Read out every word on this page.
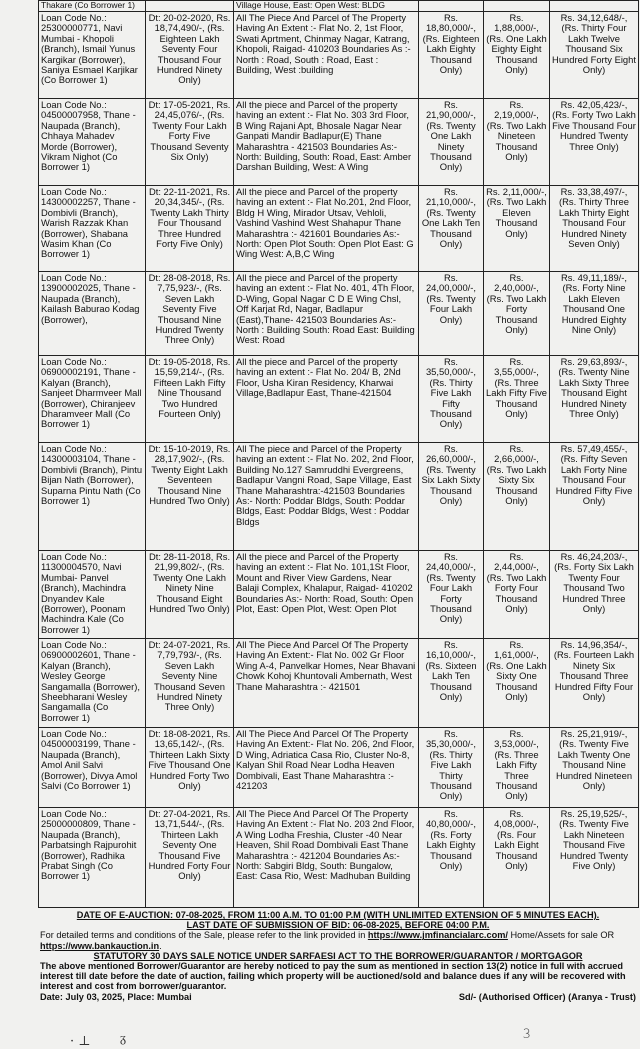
Thakare (Co Borrower 1)		Village House, East: Open West: BLDG			
Loan Code No.: 25300000771, Navi Mumbai - Khopoli (Branch), Ismail Yunus Kargikar (Borrower), Saniya Esmael Karjikar (Co Borrower 1)	Dt: 20-02-2020, Rs. 18,74,490/-, (Rs. Eighteen Lakh Seventy Four Thousand Four Hundred Ninety Only)	All The Piece And Parcel of The Property Having An Extent :- Flat No. 2, 1st Floor, Swati Aprtment, Chinmay Nagar, Katrang, Khopoli, Raigad- 410203 Boundaries As :- North : Road, South : Road, East : Building, West :building	Rs. 18,80,000/-, (Rs. Eighteen Lakh Eighty Thousand Only)	Rs. 1,88,000/-, (Rs. One Lakh Eighty Eight Thousand Only)	Rs. 34,12,648/-, (Rs. Thirty Four Lakh Twelve Thousand Six Hundred Forty Eight Only)
Loan Code No.: 04500007958, Thane - Naupada (Branch), Chhaya Mahadev Morde (Borrower), Vikram Nighot (Co Borrower 1)	Dt: 17-05-2021, Rs. 24,45,076/-, (Rs. Twenty Four Lakh Forty Five Thousand Seventy Six Only)	All the piece and Parcel of the property having an extent :- Flat No. 303 3rd Floor, B Wing Rajani Apt, Bhosale Nagar Near Ganpati Mandir Badlapur(E) Thane Maharashtra - 421503 Boundaries As:- North: Building, South: Road, East: Amber Darshan Building, West: A Wing	Rs. 21,90,000/-, (Rs. Twenty One Lakh Ninety Thousand Only)	Rs. 2,19,000/-, (Rs. Two Lakh Nineteen Thousand Only)	Rs. 42,05,423/-, (Rs. Forty Two Lakh Five Thousand Four Hundred Twenty Three Only)
Loan Code No.: 14300002257, Thane - Dombivli (Branch), Warish Razzak Khan (Borrower), Shabana Wasim Khan (Co Borrower 1)	Dt: 22-11-2021, Rs. 20,34,345/-, (Rs. Twenty Lakh Thirty Four Thousand Three Hundred Forty Five Only)	All the piece and Parcel of the property having an extent :- Flat No.201, 2nd Floor, Bldg H Wing, Mirador Utsav, Vehloli, Vashind Vashind West Shahapur Thane Maharashtra :- 421601 Boundaries As:- North: Open Plot South: Open Plot East: G Wing West: A,B,C Wing	Rs. 21,10,000/-, (Rs. Twenty One Lakh Ten Thousand Only)	Rs. 2,11,000/-, (Rs. Two Lakh Eleven Thousand Only)	Rs. 33,38,497/-, (Rs. Thirty Three Lakh Thirty Eight Thousand Four Hundred Ninety Seven Only)
Loan Code No.: 13900002025, Thane - Naupada (Branch), Kailash Baburao Kodag (Borrower),	Dt: 28-08-2018, Rs. 7,75,923/-, (Rs. Seven Lakh Seventy Five Thousand Nine Hundred Twenty Three Only)	All the piece and Parcel of the property having an extent :- Flat No. 401, 4Th Floor, D-Wing, Gopal Nagar C D E Wing Chsl, Off Karjat Rd, Nagar, Badlapur (East),Thane- 421503 Boundaries As:- North : Building South: Road East: Building West: Road	Rs. 24,00,000/-, (Rs. Twenty Four Lakh Only)	Rs. 2,40,000/-, (Rs. Two Lakh Forty Thousand Only)	Rs. 49,11,189/-, (Rs. Forty Nine Lakh Eleven Thousand One Hundred Eighty Nine Only)
Loan Code No.: 06900002191, Thane - Kalyan (Branch), Sanjeet Dharmveer Mall (Borrower), Chiranjeev Dharamveer Mall (Co Borrower 1)	Dt: 19-05-2018, Rs. 15,59,214/-, (Rs. Fifteen Lakh Fifty Nine Thousand Two Hundred Fourteen Only)	All the piece and Parcel of the property having an extent :- Flat No. 204/ B, 2Nd Floor, Usha Kiran Residency, Kharwai Village,Badlapur East, Thane-421504	Rs. 35,50,000/-, (Rs. Thirty Five Lakh Fifty Thousand Only)	Rs. 3,55,000/-, (Rs. Three Lakh Fifty Five Thousand Only)	Rs. 29,63,893/-, (Rs. Twenty Nine Lakh Sixty Three Thousand Eight Hundred Ninety Three Only)
Loan Code No.: 14300003104, Thane - Dombivli (Branch), Pintu Bijan Nath (Borrower), Suparna Pintu Nath (Co Borrower 1)	Dt: 15-10-2019, Rs. 28,17,902/-, (Rs. Twenty Eight Lakh Seventeen Thousand Nine Hundred Two Only)	All The piece and Parcel of the Property having an extent :- Flat No. 202, 2nd Floor, Building No.127 Samruddhi Evergreens, Badlapur Vangni Road, Sape Village, East Thane Maharashtra:-421503 Boundaries As:- North: Poddar Bldgs, South: Poddar Bldgs, East: Poddar Bldgs, West : Poddar Bldgs	Rs. 26,60,000/-, (Rs. Twenty Six Lakh Sixty Thousand Only)	Rs. 2,66,000/-, (Rs. Two Lakh Sixty Six Thousand Only)	Rs. 57,49,455/-, (Rs. Fifty Seven Lakh Forty Nine Thousand Four Hundred Fifty Five Only)
Loan Code No.: 11300004570, Navi Mumbai- Panvel (Branch), Machindra Dnyandev Kale (Borrower), Poonam Machindra Kale (Co Borrower 1)	Dt: 28-11-2018, Rs. 21,99,802/-, (Rs. Twenty One Lakh Ninety Nine Thousand Eight Hundred Two Only)	All the piece and Parcel of the Property having an extent :- Flat No. 101,1St Floor, Mount and River View Gardens, Near Balaji Complex, Khalapur, Raigad- 410202 Boundaries As:- North: Road, South: Open Plot, East: Open Plot, West: Open Plot	Rs. 24,40,000/-, (Rs. Twenty Four Lakh Forty Thousand Only)	Rs. 2,44,000/-, (Rs. Two Lakh Forty Four Thousand Only)	Rs. 46,24,203/-, (Rs. Forty Six Lakh Twenty Four Thousand Two Hundred Three Only)
Loan Code No.: 06900002601, Thane - Kalyan (Branch), Wesley George Sangamalla (Borrower), Sheebharani Wesley Sangamalla (Co Borrower 1)	Dt: 24-07-2021, Rs. 7,79,793/-, (Rs. Seven Lakh Seventy Nine Thousand Seven Hundred Ninety Three Only)	All The Piece And Parcel Of The Property Having An Extent:- Flat No. 002 Gr Floor Wing A-4, Panvelkar Homes, Near Bhavani Chowk Kohoj Khuntovali Ambernath, West Thane Maharashtra :- 421501	Rs. 16,10,000/-, (Rs. Sixteen Lakh Ten Thousand Only)	Rs. 1,61,000/-, (Rs. One Lakh Sixty One Thousand Only)	Rs. 14,96,354/-, (Rs. Fourteen Lakh Ninety Six Thousand Three Hundred Fifty Four Only)
Loan Code No.: 04500003199, Thane - Naupada (Branch), Amol Anil Salvi (Borrower), Divya Amol Salvi (Co Borrower 1)	Dt: 18-08-2021, Rs. 13,65,142/-, (Rs. Thirteen Lakh Sixty Five Thousand One Hundred Forty Two Only)	All The Piece And Parcel Of The Property Having An Extent:- Flat No. 206, 2nd Floor, D Wing, Adriatica Casa Rio, Cluster No-8, Kalyan Shil Road Near Lodha Heaven Dombivali, East Thane Maharashtra :- 421203	Rs. 35,30,000/-, (Rs. Thirty Five Lakh Thirty Thousand Only)	Rs. 3,53,000/-, (Rs. Three Lakh Fifty Three Thousand Only)	Rs. 25,21,919/-, (Rs. Twenty Five Lakh Twenty One Thousand Nine Hundred Nineteen Only)
Loan Code No.: 25000000809, Thane - Naupada (Branch), Parbatsingh Rajpurohit (Borrower), Radhika Prabat Singh (Co Borrower 1)	Dt: 27-04-2021, Rs. 13,71,544/-, (Rs. Thirteen Lakh Seventy One Thousand Five Hundred Forty Four Only)	All The Piece And Parcel Of The Property Having An Extent :- Flat No. 203 2nd Floor, A Wing Lodha Freshia, Cluster -40 Near Heaven, Shil Road Dombivali East Thane Maharashtra :- 421204 Boundaries As:- North: Sabgiri Bldg, South: Bungalow, East: Casa Rio, West: Madhuban Building	Rs. 40,80,000/-, (Rs. Forty Lakh Eighty Thousand Only)	Rs. 4,08,000/-, (Rs. Four Lakh Eight Thousand Only)	Rs. 25,19,525/-, (Rs. Twenty Five Lakh Nineteen Thousand Five Hundred Twenty Five Only)

DATE OF E-AUCTION: 07-08-2025, FROM 11:00 A.M. TO 01:00 P.M (WITH UNLIMITED EXTENSION OF 5 MINUTES EACH).

LAST DATE OF SUBMISSION OF BID: 06-08-2025, BEFORE 04:00 P.M.

For detailed terms and conditions of the Sale, please refer to the link provided in https://www.jmfinancialarc.com/ Home/Assets for sale OR https://www.bankauction.in.

STATUTORY 30 DAYS SALE NOTICE UNDER SARFAESI ACT TO THE BORROWER/GUARANTOR / MORTGAGOR

The above mentioned Borrower/Guarantor are hereby noticed to pay the sum as mentioned in section 13(2) notice in full with accrued interest till date before the date of auction, failing which property will be auctioned/sold and balance dues if any will be recovered with interest and cost from borrower/guarantor.

Date: July 03, 2025, Place: Mumbai	Sd/- (Authorised Officer) (Aranya - Trust)
· ⊥ ᵹ	𝟹
